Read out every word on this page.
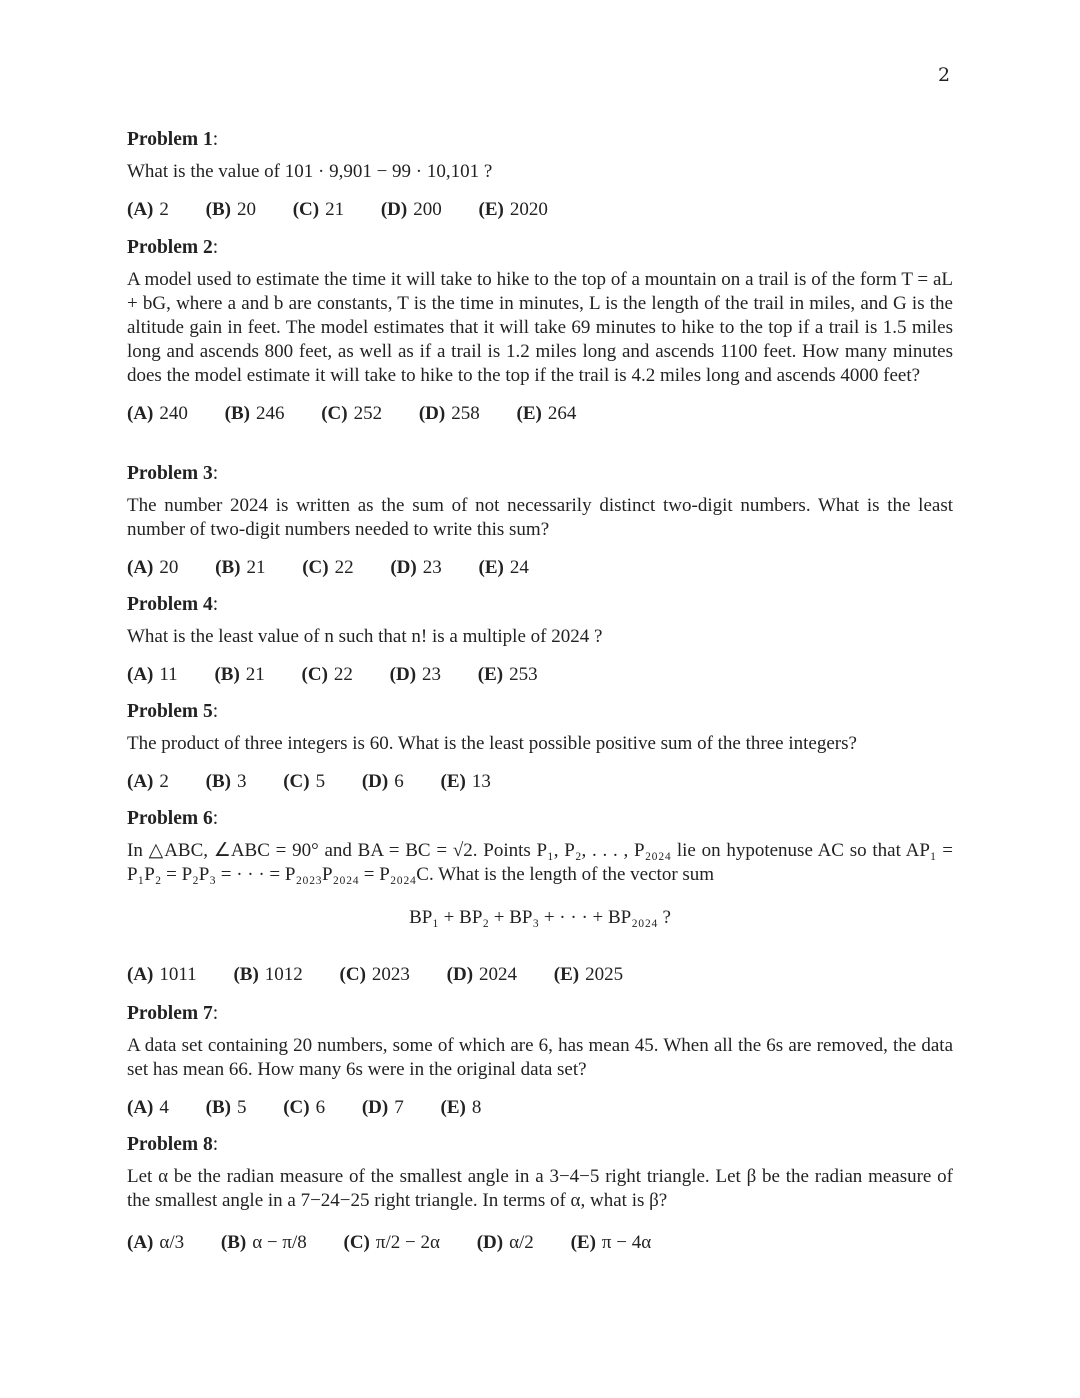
2

Problem 1:

What is the value of 101 · 9,901 − 99 · 10,101 ?

(A) 2 (B) 20 (C) 21 (D) 200 (E) 2020

Problem 2:

A model used to estimate the time it will take to hike to the top of a mountain on a trail is of the form T = aL + bG, where a and b are constants, T is the time in minutes, L is the length of the trail in miles, and G is the altitude gain in feet. The model estimates that it will take 69 minutes to hike to the top if a trail is 1.5 miles long and ascends 800 feet, as well as if a trail is 1.2 miles long and ascends 1100 feet. How many minutes does the model estimate it will take to hike to the top if the trail is 4.2 miles long and ascends 4000 feet?

(A) 240 (B) 246 (C) 252 (D) 258 (E) 264

Problem 3:

The number 2024 is written as the sum of not necessarily distinct two-digit numbers. What is the least number of two-digit numbers needed to write this sum?

(A) 20 (B) 21 (C) 22 (D) 23 (E) 24

Problem 4:

What is the least value of n such that n! is a multiple of 2024 ?

(A) 11 (B) 21 (C) 22 (D) 23 (E) 253

Problem 5:

The product of three integers is 60. What is the least possible positive sum of the three integers?

(A) 2 (B) 3 (C) 5 (D) 6 (E) 13

Problem 6:

In △ABC, ∠ABC = 90° and BA = BC = √2. Points P₁, P₂, . . . , P₂₀₂₄ lie on hypotenuse AC so that AP₁ = P₁P₂ = P₂P₃ = · · · = P₂₀₂₃P₂₀₂₄ = P₂₀₂₄C. What is the length of the vector sum

BP₁ + BP₂ + BP₃ + · · · + BP₂₀₂₄ ?
(A) 1011 (B) 1012 (C) 2023 (D) 2024 (E) 2025

Problem 7:

A data set containing 20 numbers, some of which are 6, has mean 45. When all the 6s are removed, the data set has mean 66. How many 6s were in the original data set?

(A) 4 (B) 5 (C) 6 (D) 7 (E) 8

Problem 8:

Let α be the radian measure of the smallest angle in a 3−4−5 right triangle. Let β be the radian measure of the smallest angle in a 7−24−25 right triangle. In terms of α, what is β?

(A) α/3 (B) α − π/8 (C) π/2 − 2α (D) α/2 (E) π − 4α
